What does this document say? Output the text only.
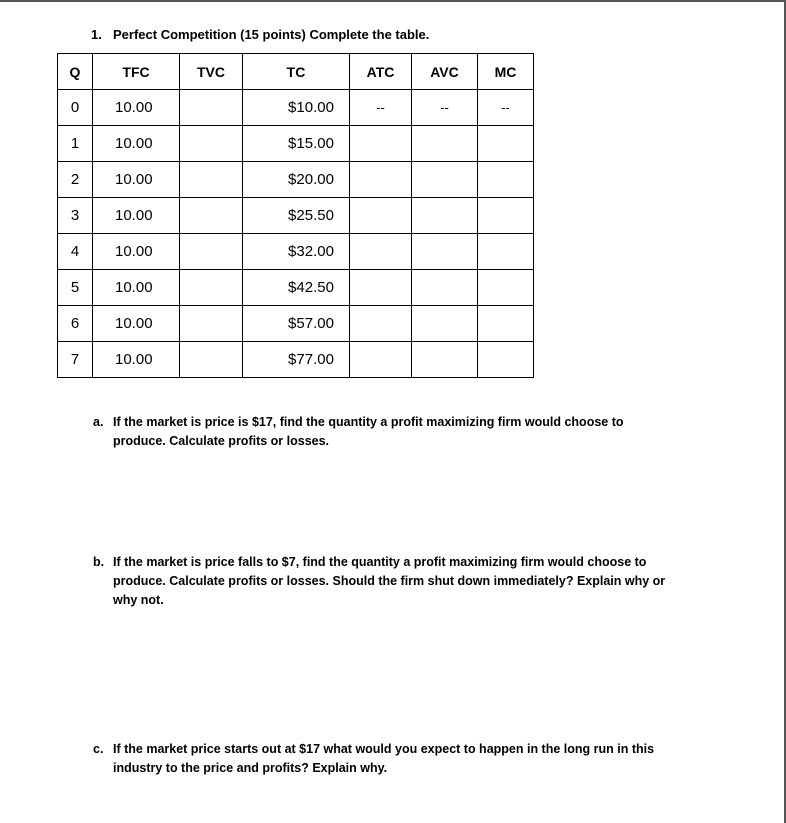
1. Perfect Competition (15 points) Complete the table.
Q	TFC	TVC	TC	ATC	AVC	MC
0	10.00		$10.00	--	--	--
1	10.00		$15.00			
2	10.00		$20.00			
3	10.00		$25.50			
4	10.00		$32.00			
5	10.00		$42.50			
6	10.00		$57.00			
7	10.00		$77.00			
a. If the market is price is $17, find the quantity a profit maximizing firm would choose to produce. Calculate profits or losses.
b. If the market is price falls to $7, find the quantity a profit maximizing firm would choose to produce. Calculate profits or losses. Should the firm shut down immediately? Explain why or why not.
c. If the market price starts out at $17 what would you expect to happen in the long run in this industry to the price and profits? Explain why.
